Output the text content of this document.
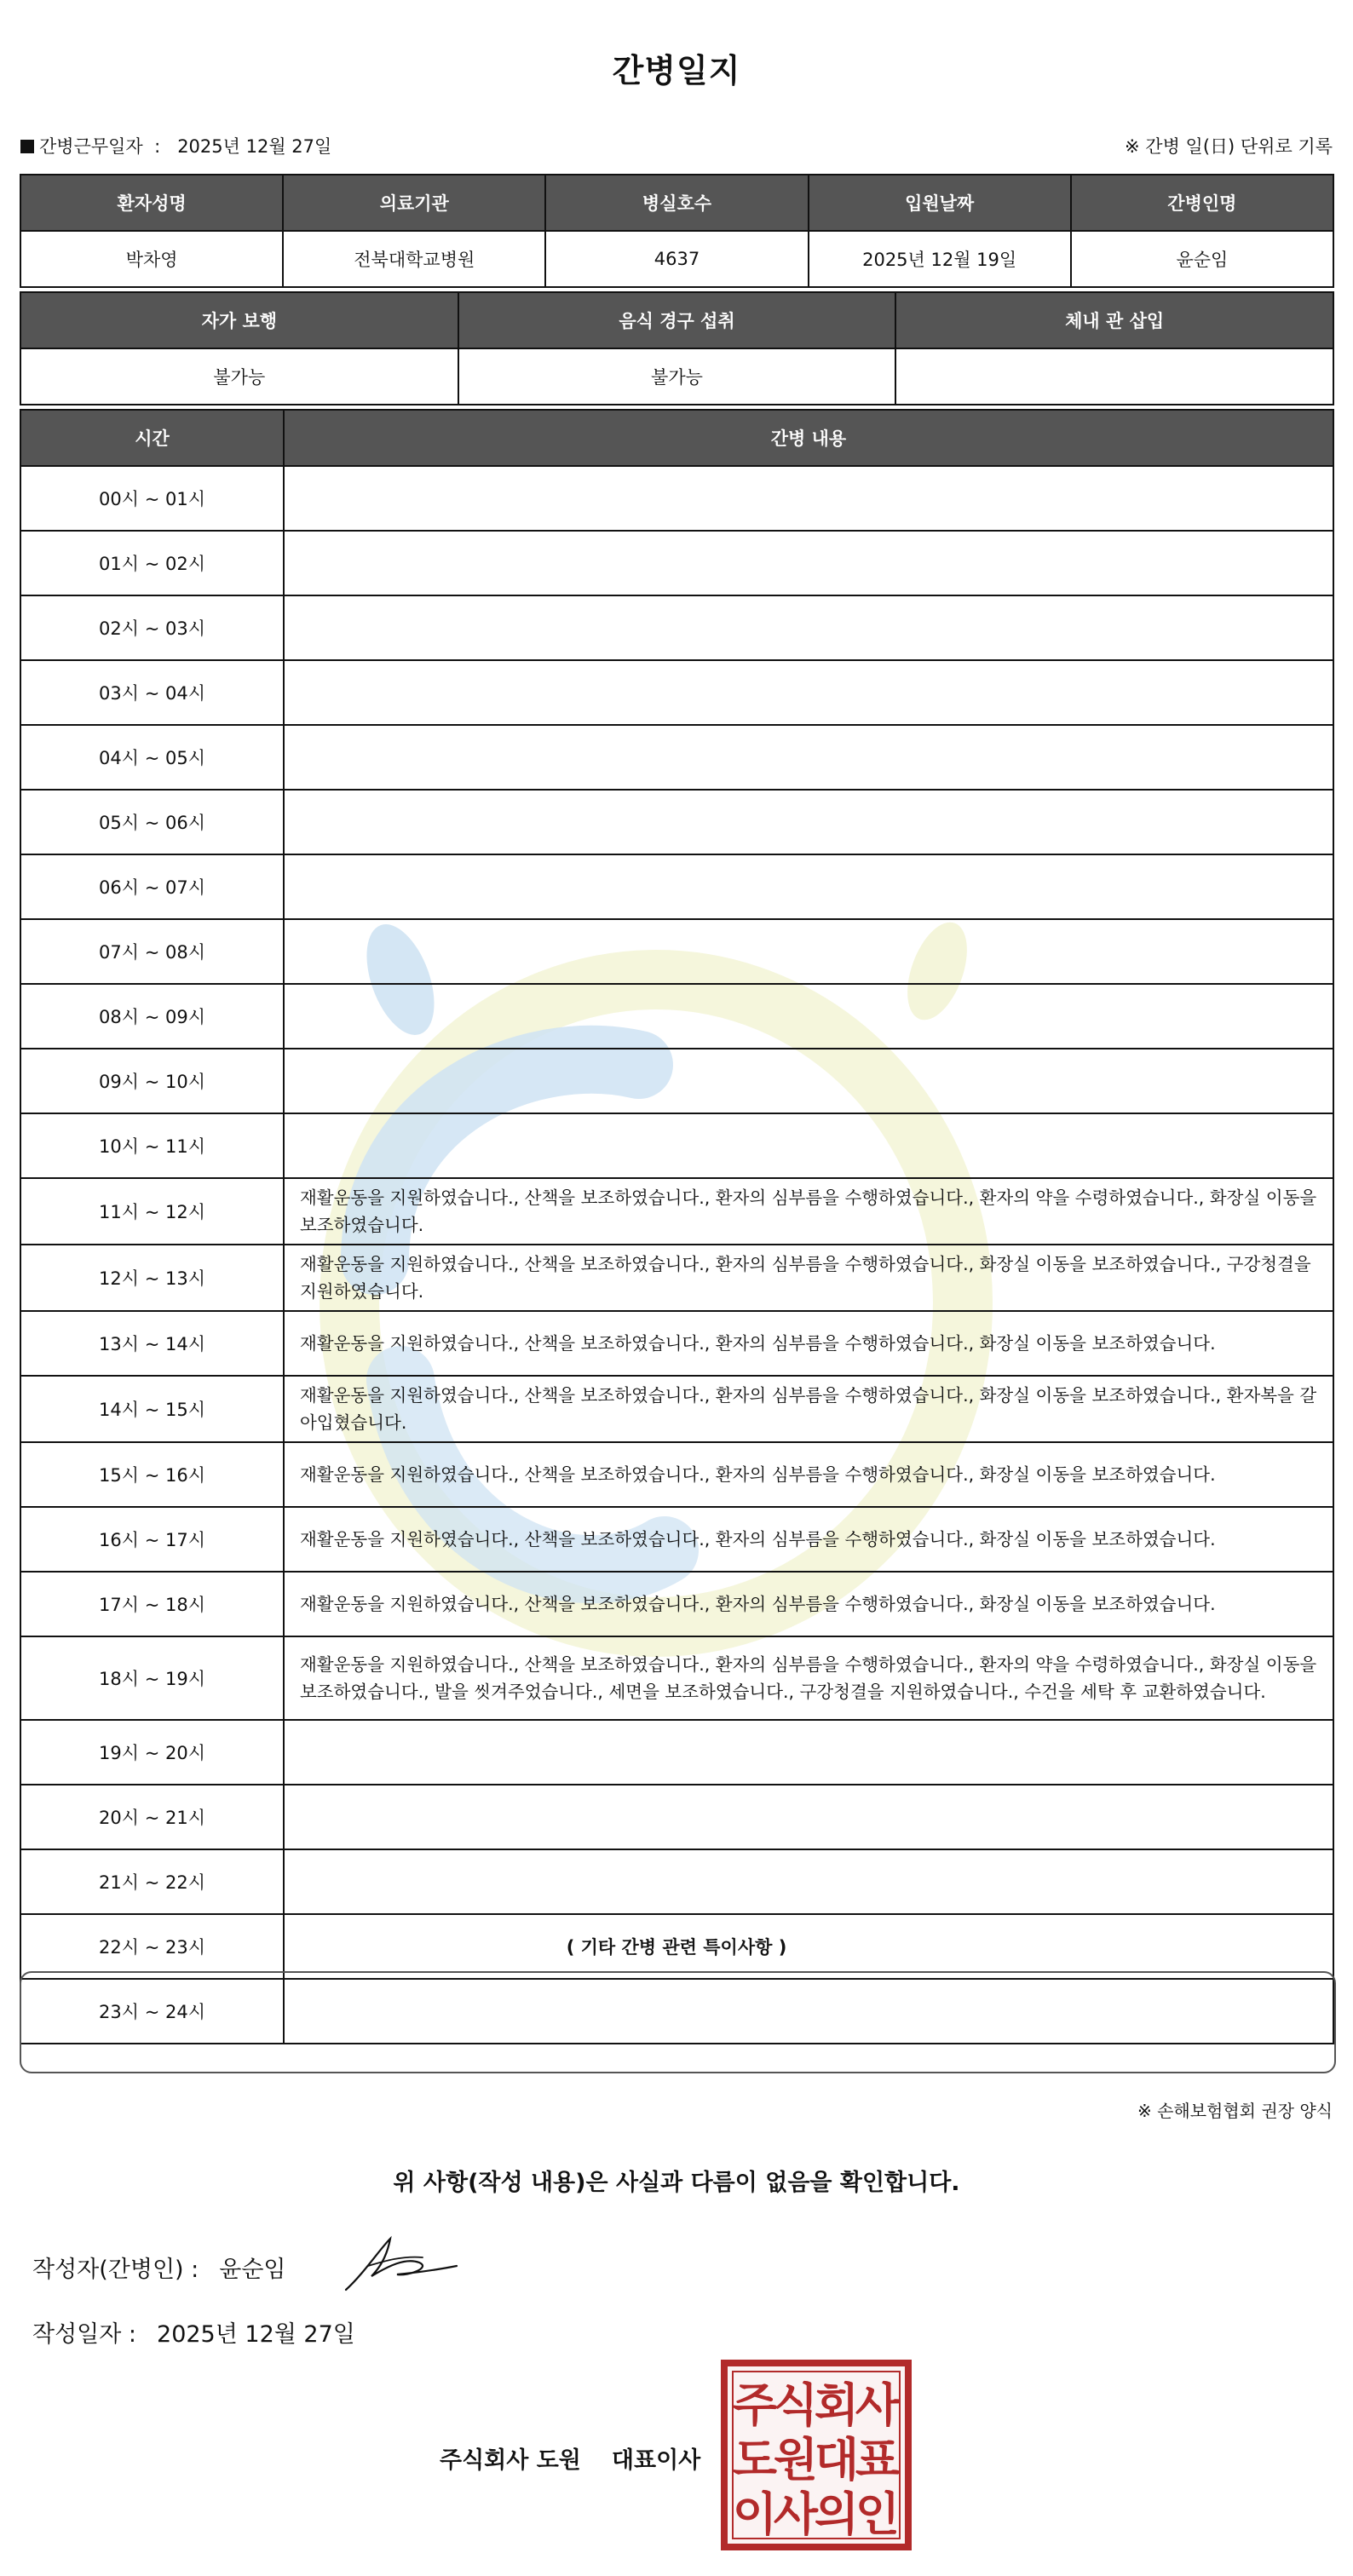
간병일지
간병근무일자 : 2025년 12월 27일	※ 간병 일(日) 단위로 기록
환자성명	의료기관	병실호수	입원날짜	간병인명
박차영	전북대학교병원	4637	2025년 12월 19일	윤순임
자가 보행	음식 경구 섭취	체내 관 삽입
불가능	불가능	
시간	간병 내용
00시 ~ 01시	
01시 ~ 02시	
02시 ~ 03시	
03시 ~ 04시	
04시 ~ 05시	
05시 ~ 06시	
06시 ~ 07시	
07시 ~ 08시	
08시 ~ 09시	
09시 ~ 10시	
10시 ~ 11시	
11시 ~ 12시	재활운동을 지원하였습니다., 산책을 보조하였습니다., 환자의 심부름을 수행하였습니다., 환자의 약을 수령하였습니다., 화장실 이동을 보조하였습니다.
12시 ~ 13시	재활운동을 지원하였습니다., 산책을 보조하였습니다., 환자의 심부름을 수행하였습니다., 화장실 이동을 보조하였습니다., 구강청결을 지원하였습니다.
13시 ~ 14시	재활운동을 지원하였습니다., 산책을 보조하였습니다., 환자의 심부름을 수행하였습니다., 화장실 이동을 보조하였습니다.
14시 ~ 15시	재활운동을 지원하였습니다., 산책을 보조하였습니다., 환자의 심부름을 수행하였습니다., 화장실 이동을 보조하였습니다., 환자복을 갈아입혔습니다.
15시 ~ 16시	재활운동을 지원하였습니다., 산책을 보조하였습니다., 환자의 심부름을 수행하였습니다., 화장실 이동을 보조하였습니다.
16시 ~ 17시	재활운동을 지원하였습니다., 산책을 보조하였습니다., 환자의 심부름을 수행하였습니다., 화장실 이동을 보조하였습니다.
17시 ~ 18시	재활운동을 지원하였습니다., 산책을 보조하였습니다., 환자의 심부름을 수행하였습니다., 화장실 이동을 보조하였습니다.
18시 ~ 19시	재활운동을 지원하였습니다., 산책을 보조하였습니다., 환자의 심부름을 수행하였습니다., 환자의 약을 수령하였습니다., 화장실 이동을 보조하였습니다., 발을 씻겨주었습니다., 세면을 보조하였습니다., 구강청결을 지원하였습니다., 수건을 세탁 후 교환하였습니다.
19시 ~ 20시	
20시 ~ 21시	
21시 ~ 22시	
22시 ~ 23시	
23시 ~ 24시	
( 기타 간병 관련 특이사항 )
※ 손해보험협회 권장 양식
위 사항(작성 내용)은 사실과 다름이 없음을 확인합니다.
작성자(간병인) : 윤순임
작성일자 : 2025년 12월 27일
주식회사 도원 대표이사
주
식
회
사
도
원
대
표
이
사
의
인
